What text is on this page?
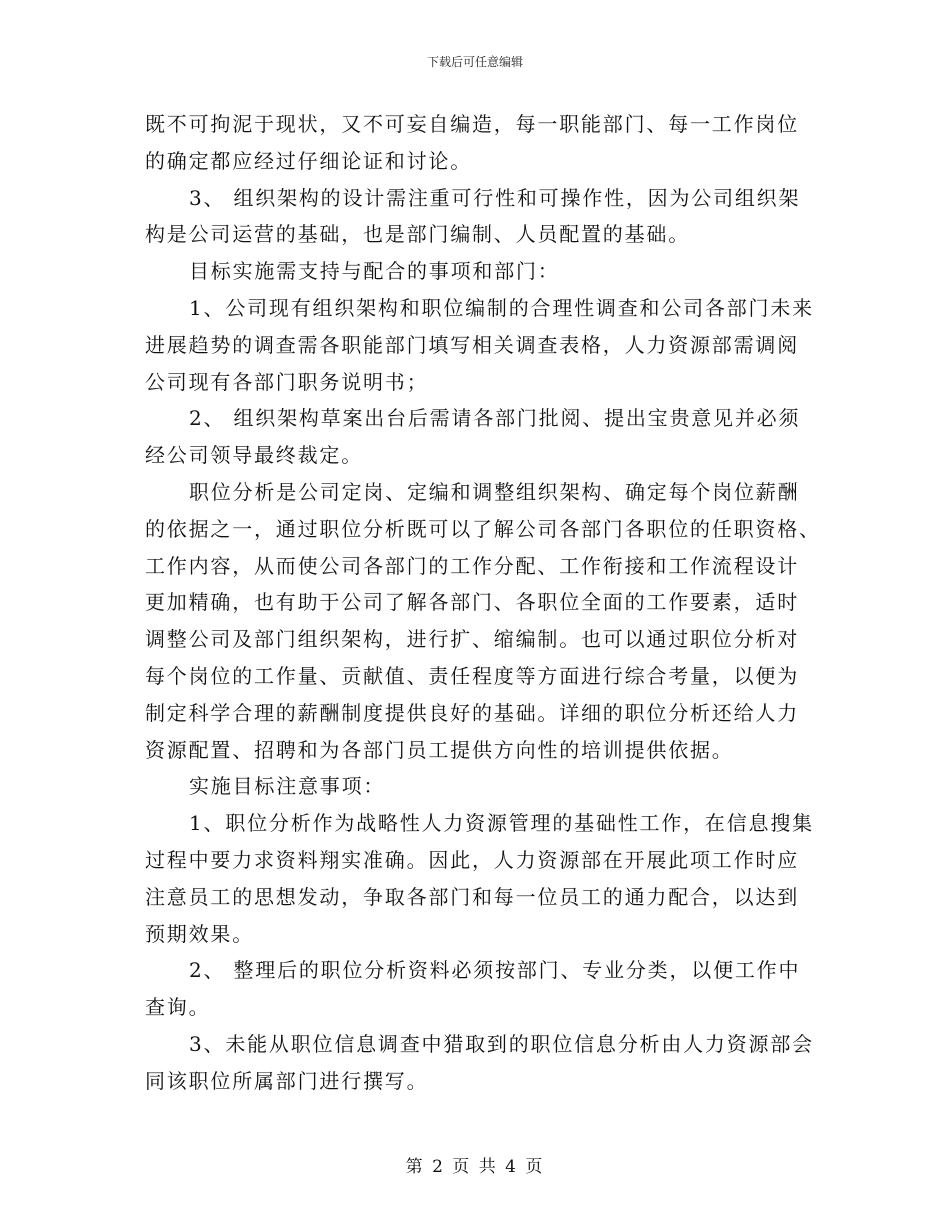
下载后可任意编辑

既不可拘泥于现状，又不可妄自编造，每一职能部门、每一工作岗位
的确定都应经过仔细论证和讨论。

3、 组织架构的设计需注重可行性和可操作性，因为公司组织架
构是公司运营的基础，也是部门编制、人员配置的基础。

目标实施需支持与配合的事项和部门：

1、公司现有组织架构和职位编制的合理性调查和公司各部门未来
进展趋势的调查需各职能部门填写相关调查表格，人力资源部需调阅
公司现有各部门职务说明书；

2、 组织架构草案出台后需请各部门批阅、提出宝贵意见并必须
经公司领导最终裁定。

职位分析是公司定岗、定编和调整组织架构、确定每个岗位薪酬
的依据之一，通过职位分析既可以了解公司各部门各职位的任职资格、
工作内容，从而使公司各部门的工作分配、工作衔接和工作流程设计
更加精确，也有助于公司了解各部门、各职位全面的工作要素，适时
调整公司及部门组织架构，进行扩、缩编制。也可以通过职位分析对
每个岗位的工作量、贡献值、责任程度等方面进行综合考量，以便为
制定科学合理的薪酬制度提供良好的基础。详细的职位分析还给人力
资源配置、招聘和为各部门员工提供方向性的培训提供依据。

实施目标注意事项：

1、职位分析作为战略性人力资源管理的基础性工作，在信息搜集
过程中要力求资料翔实准确。因此，人力资源部在开展此项工作时应
注意员工的思想发动，争取各部门和每一位员工的通力配合，以达到
预期效果。

2、 整理后的职位分析资料必须按部门、专业分类，以便工作中
查询。

3、未能从职位信息调查中猎取到的职位信息分析由人力资源部会
同该职位所属部门进行撰写。

第 2 页 共 4 页
